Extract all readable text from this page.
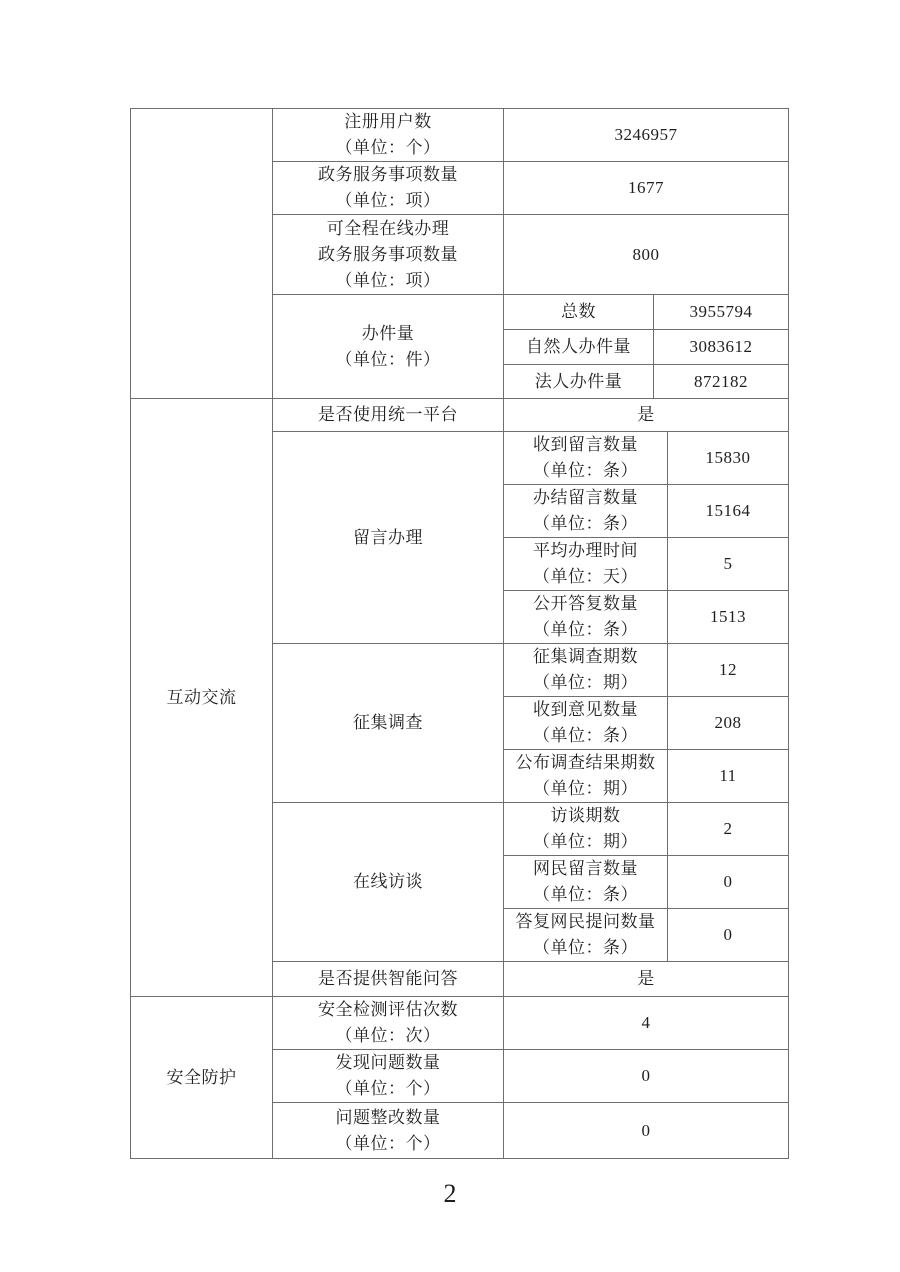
	注册用户数
（单位：个）	3246957		

	政务服务事项数量
（单位：项）	1677		

	可全程在线办理
政务服务事项数量
（单位：项）	800		

	办件量
（单位：件）	总数	3955794	
		自然人办件量	3083612	
		法人办件量	872182	
互动交流	是否使用统一平台	是		
	留言办理	收到留言数量
（单位：条）		15830

		办结留言数量
（单位：条）		15164

		平均办理时间
（单位：天）		5

		公开答复数量
（单位：条）		1513
	征集调查	征集调查期数
（单位：期）		12

		收到意见数量
（单位：条）		208

		公布调查结果期数
（单位：期）		11
	在线访谈	访谈期数
（单位：期）		2

		网民留言数量
（单位：条）		0

		答复网民提问数量
（单位：条）		0
	是否提供智能问答	是		
安全防护	安全检测评估次数
（单位：次）	4		

	发现问题数量
（单位：个）	0		

	问题整改数量
（单位：个）	0		
2
